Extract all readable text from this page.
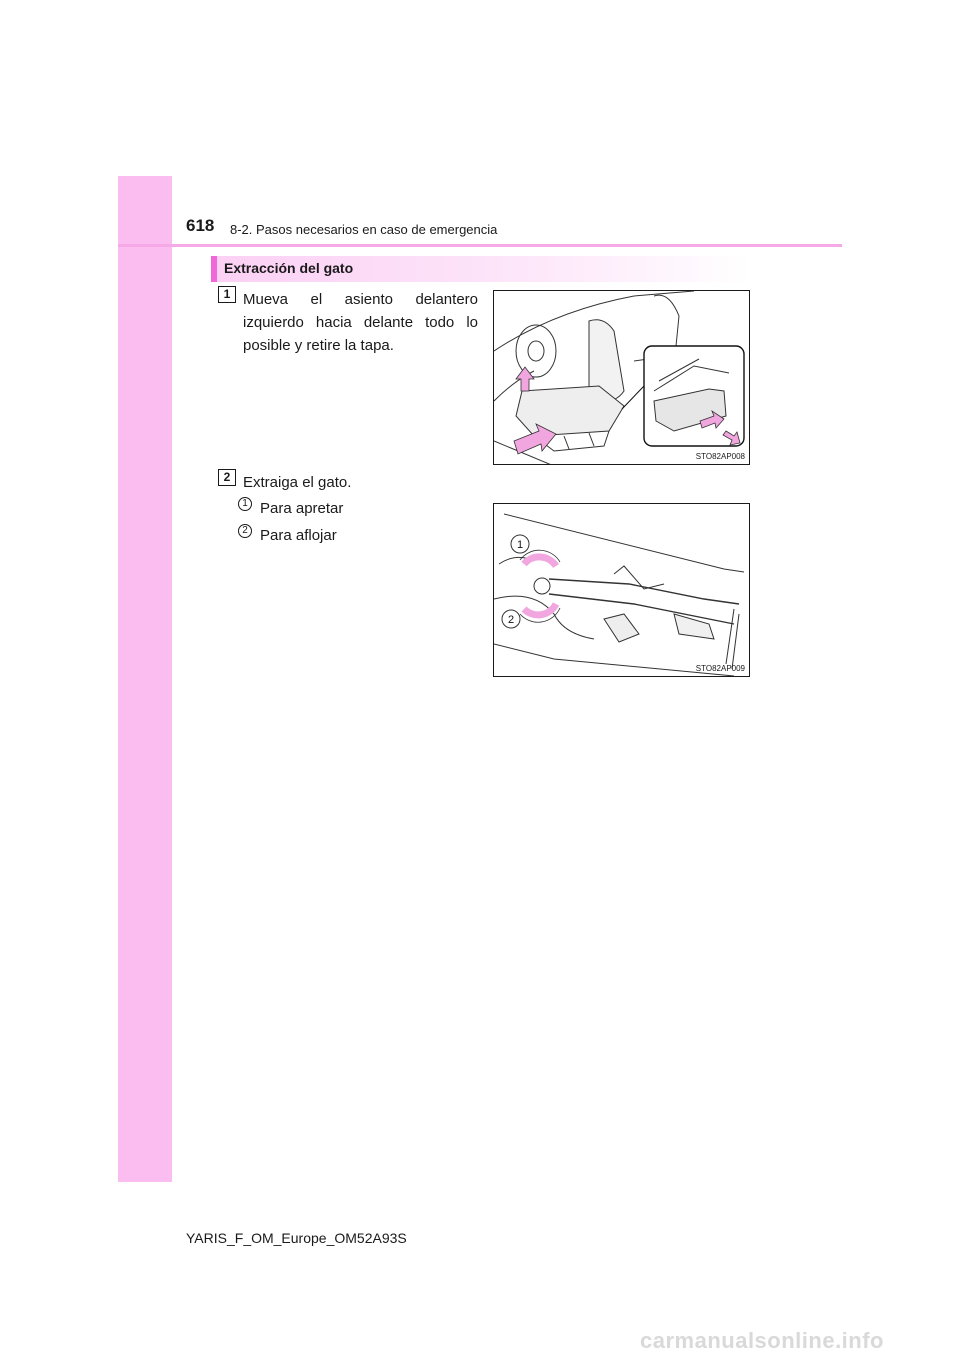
618 8-2. Pasos necesarios en caso de emergencia
Extracción del gato
1 Mueva el asiento delantero izquierdo hacia delante todo lo posible y retire la tapa.
STO82AP008
2 Extraiga el gato.
1 Para apretar
2 Para aflojar
1
2
STO82AP009
YARIS_F_OM_Europe_OM52A93S
carmanualsonline.info
